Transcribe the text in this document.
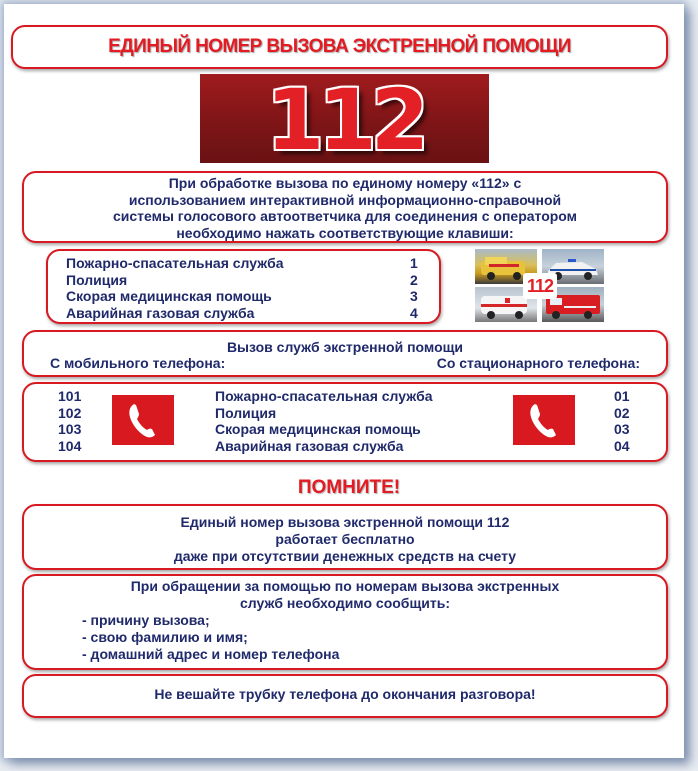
ЕДИНЫЙ НОМЕР ВЫЗОВА ЭКСТРЕННОЙ ПОМОЩИ
112
При обработке вызова по единому номеру «112» с
использованием интерактивной информационно-справочной
системы голосового автоответчика для соединения с оператором
необходимо нажать соответствующие клавиши:
Пожарно-спасательная служба	1
Полиция	2
Скорая медицинская помощь	3
Аварийная газовая служба	4
112
Вызов служб экстренной помощи
С мобильного телефона:	Со стационарного телефона:
101	Пожарно-спасательная служба	01
102	Полиция	02
103	Скорая медицинская помощь	03
104	Аварийная газовая служба	04
ПОМНИТЕ!
Единый номер вызова экстренной помощи 112
работает бесплатно
даже при отсутствии денежных средств на счету
При обращении за помощью по номерам вызова экстренных
служб необходимо сообщить:
- причину вызова;
- свою фамилию и имя;
- домашний адрес и номер телефона
Не вешайте трубку телефона до окончания разговора!
